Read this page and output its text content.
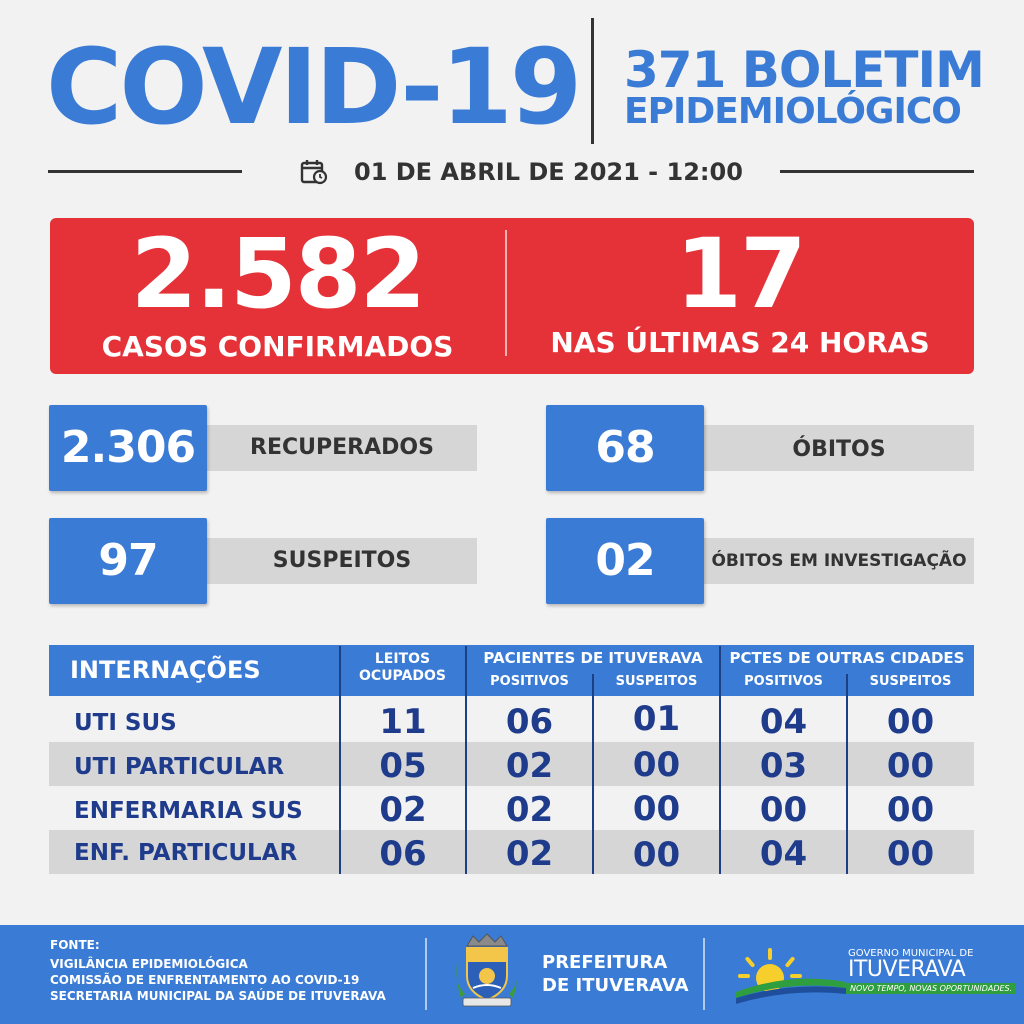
COVID-19 371 BOLETIM
EPIDEMIOLÓGICO
01 DE ABRIL DE 2021 - 12:00
2.582
CASOS CONFIRMADOS
17
NAS ÚLTIMAS 24 HORAS
2.306	RECUPERADOS	68	ÓBITOS
97	SUSPEITOS	02	ÓBITOS EM INVESTIGAÇÃO
INTERNAÇÕES	LEITOS
OCUPADOS
PACIENTES DE ITUVERAVA	PCTES DE OUTRAS CIDADES
POSITIVOS	SUSPEITOS	POSITIVOS	SUSPEITOS
UTI SUS	11	06	01	04	00
UTI PARTICULAR	05	02	00	03	00
ENFERMARIA SUS	02	02	00	00	00
ENF. PARTICULAR	06	02	00	04	00
FONTE:
VIGILÂNCIA EPIDEMIOLÓGICA
COMISSÃO DE ENFRENTAMENTO AO COVID-19
SECRETARIA MUNICIPAL DA SAÚDE DE ITUVERAVA
PREFEITURA
DE ITUVERAVA
GOVERNO MUNICIPAL DE
ITUVERAVA
NOVO TEMPO, NOVAS OPORTUNIDADES.
